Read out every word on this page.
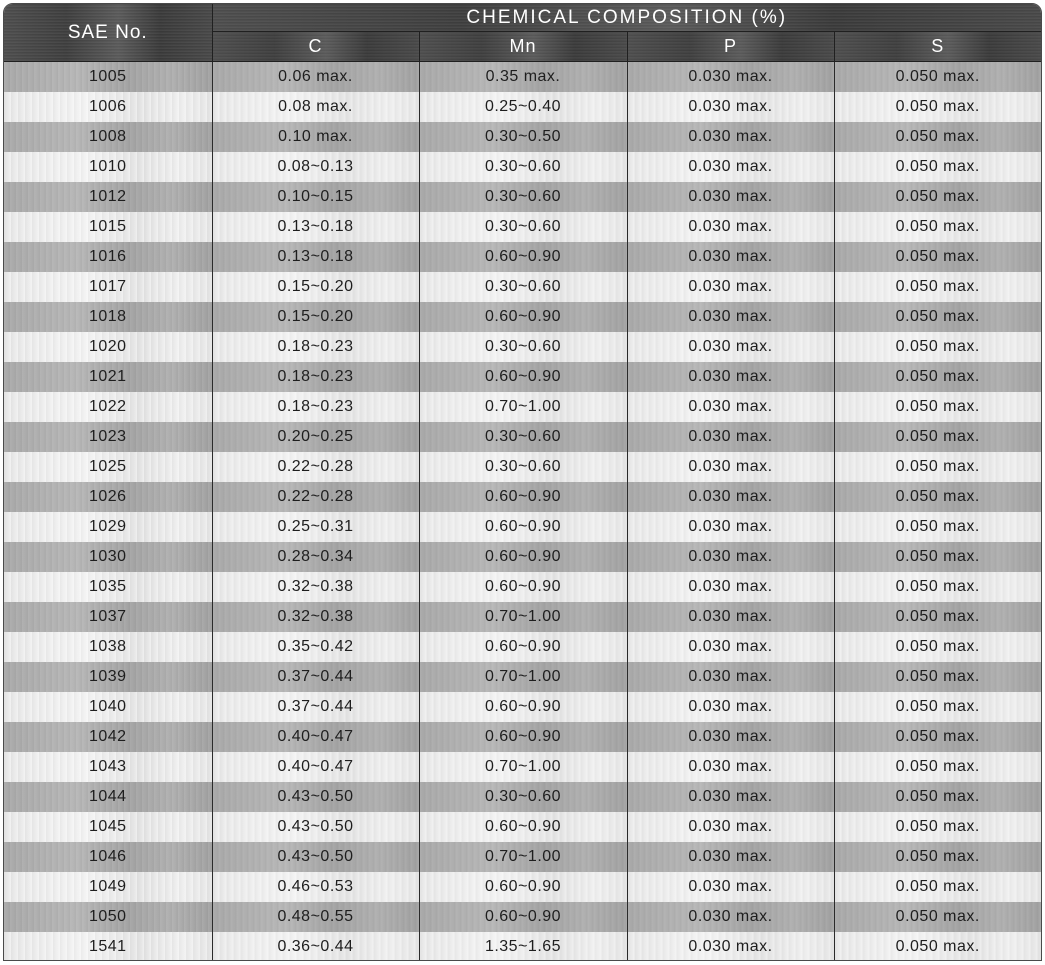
SAE No.	CHEMICAL COMPOSITION (%)			
	C	Mn	P	S
1005	0.06 max.	0.35 max.	0.030 max.	0.050 max.
1006	0.08 max.	0.25~0.40	0.030 max.	0.050 max.
1008	0.10 max.	0.30~0.50	0.030 max.	0.050 max.
1010	0.08~0.13	0.30~0.60	0.030 max.	0.050 max.
1012	0.10~0.15	0.30~0.60	0.030 max.	0.050 max.
1015	0.13~0.18	0.30~0.60	0.030 max.	0.050 max.
1016	0.13~0.18	0.60~0.90	0.030 max.	0.050 max.
1017	0.15~0.20	0.30~0.60	0.030 max.	0.050 max.
1018	0.15~0.20	0.60~0.90	0.030 max.	0.050 max.
1020	0.18~0.23	0.30~0.60	0.030 max.	0.050 max.
1021	0.18~0.23	0.60~0.90	0.030 max.	0.050 max.
1022	0.18~0.23	0.70~1.00	0.030 max.	0.050 max.
1023	0.20~0.25	0.30~0.60	0.030 max.	0.050 max.
1025	0.22~0.28	0.30~0.60	0.030 max.	0.050 max.
1026	0.22~0.28	0.60~0.90	0.030 max.	0.050 max.
1029	0.25~0.31	0.60~0.90	0.030 max.	0.050 max.
1030	0.28~0.34	0.60~0.90	0.030 max.	0.050 max.
1035	0.32~0.38	0.60~0.90	0.030 max.	0.050 max.
1037	0.32~0.38	0.70~1.00	0.030 max.	0.050 max.
1038	0.35~0.42	0.60~0.90	0.030 max.	0.050 max.
1039	0.37~0.44	0.70~1.00	0.030 max.	0.050 max.
1040	0.37~0.44	0.60~0.90	0.030 max.	0.050 max.
1042	0.40~0.47	0.60~0.90	0.030 max.	0.050 max.
1043	0.40~0.47	0.70~1.00	0.030 max.	0.050 max.
1044	0.43~0.50	0.30~0.60	0.030 max.	0.050 max.
1045	0.43~0.50	0.60~0.90	0.030 max.	0.050 max.
1046	0.43~0.50	0.70~1.00	0.030 max.	0.050 max.
1049	0.46~0.53	0.60~0.90	0.030 max.	0.050 max.
1050	0.48~0.55	0.60~0.90	0.030 max.	0.050 max.
1541	0.36~0.44	1.35~1.65	0.030 max.	0.050 max.
